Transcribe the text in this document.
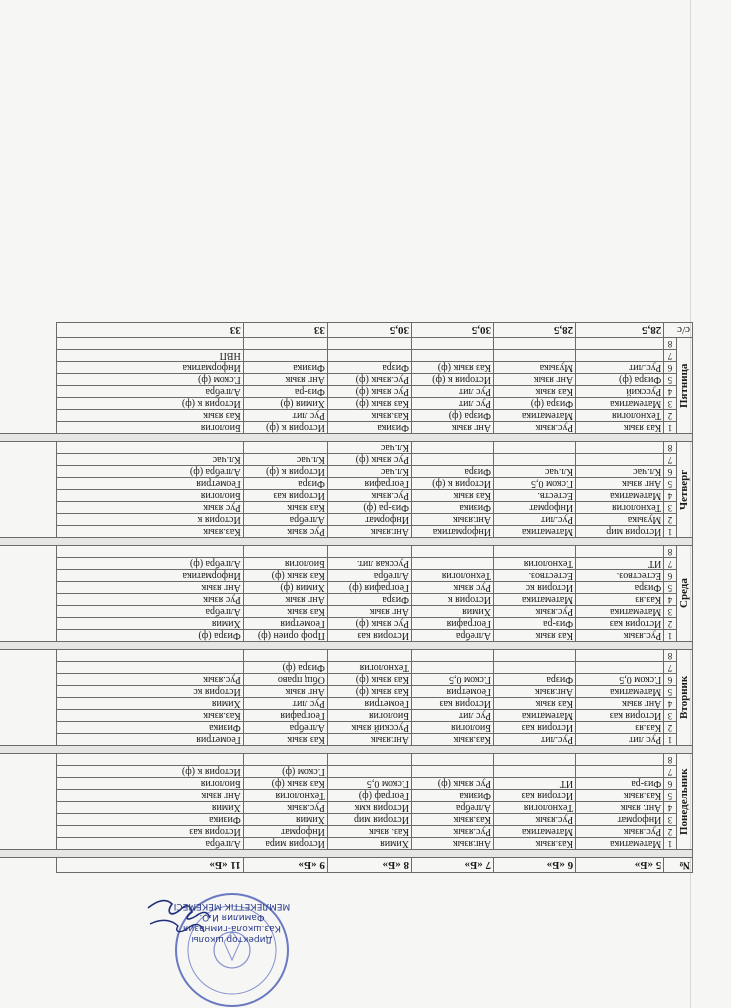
№		5 «Б»	6 «Б»	7 «Б»	8 «Б»	9 «Б»	11 «Б»

Понедельник	1	Математика	Каз.язык	Анг.язык	Химия	История мира	Алгебра
	2	Рус.язык	Математика	Рус.язык	Каз. язык	Информат	История каз
	3	Информат	Рус.язык	Каз.язык	История мир	Химия	Физика
	4	Анг. язык	Технология	Алгебра	История кмк	Рус.язык	Химия
	5	Каз.язык	История каз	Физика	Географ (ф)	Технология	Анг язык
	6	Физ-ра	ИТ	Рус язык (ф)	Г.ском 0,5	Каз язык (ф)	Биология
	7					Г.ском (ф)	История к (ф)
	8						

Вторник	1	Рус лит	Рус.лит	Каз.язык	Анг.язык	Каз язык	Геометрия
	2	Каз.яз	История каз	Биология	Русский язык	Алгебра	Физика
	3	История каз	Математика	Рус лит	Биология	География	Каз.язык
	4	Анг язык	Каз язык	История каз	Геометрия	Рус лит	Химия
	5	Математика	Анг.язык	Геометрия	Каз язык (ф)	Анг язык	История кс
	6	Г.ском 0,5	Физра	Г.ском 0,5	Каз язык (ф)	Общ право	Рус.язык
	7				Технология	Физра (ф)	
	8						

Среда	1	Рус.язык	Каз язык	Алгебра	История каз	Проф ориен (ф)	Физра (ф)
	2	История каз	Физ-ра	География	Рус язык (ф)	Геометрия	Химия
	3	Математика	Рус.язык	Химия	Анг язык	Каз язык	Алгебра
	4	Каз.яз	Математика	История к	Физра	Анг язык	Рус язык
	5	Физра	История кс	Рус язык	География (ф)	Химия (ф)	Анг язык
	6	Естествоз.	Естествоз.	Технология	Алгебра	Каз язык (ф)	Информатика
	7	ИТ	Технология		Русская лит.	Биология	Алгебра (ф)
	8						

Четверг	1	История мир	Математика	Информатика	Анг.язык	Рус язык	Каз.язык
	2	Музыка	Рус.лит	Анг.язык	Информат	Алгебра	История к
	3	Технология	Информат	Физика	Физ-ра (ф)	Каз язык	Рус язык
	4	Математика	Естеств.	Каз язык	Рус.язык	История каз	Биология
	5	Анг язык	Г.ском 0,5	История к (ф)	География	Физра	Геометрия
	6	Кл.час	Кл.час	Физра	Кл.час	История к (ф)	Алгебра (ф)
	7				Рус язык (ф)	Кл.час	Кл.час
	8				Кл.час		

Пятница	1	Каз язык	Рус.язык	Анг язык	Физика	История к (ф)	Биология
	2	Технология	Математика	Физра (ф)	Каз.язык	Рус лит	Каз язык
	3	Математика	Физра (ф)	Рус лит	Каз язык (ф)	Химия (ф)	История к (ф)
	4	Русский	Каз язык	Рус лит	Рус язык (ф)	Физ-ра	Алгебра
	5	Физра (ф)	Анг язык	История к (ф)	Рус.язык (ф)	Анг язык	Г.ском (ф)
	6	Рус.лит	Музыка	Каз язык (ф)	Физра	Физика	Информатика
	7						НВП
	8						
c/c		28,5	28,5	30,5	30,5	33	33
Директор школы
Каз.школа-гимназия
Фамилия И.О.
МЕМЛЕКЕТТІК МЕКЕМЕСІ
